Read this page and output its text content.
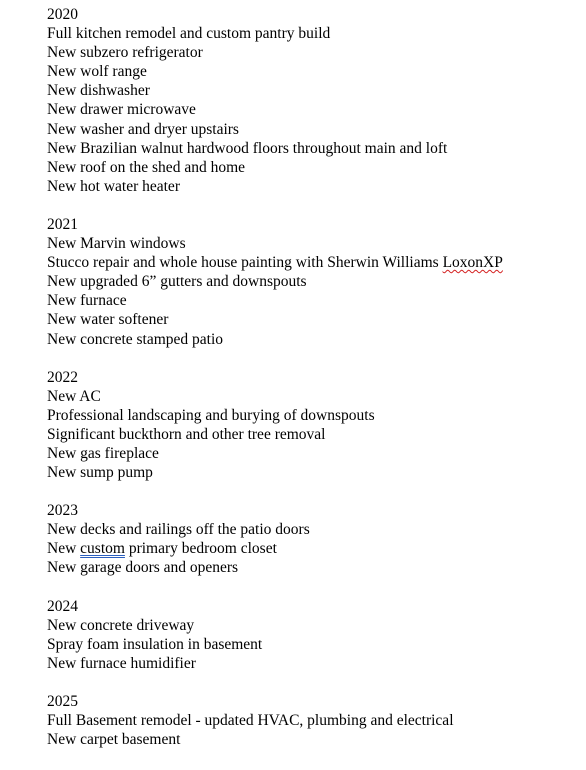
2020
Full kitchen remodel and custom pantry build
New subzero refrigerator
New wolf range
New dishwasher
New drawer microwave
New washer and dryer upstairs
New Brazilian walnut hardwood floors throughout main and loft
New roof on the shed and home
New hot water heater
2021
New Marvin windows
Stucco repair and whole house painting with Sherwin Williams LoxonXP
New upgraded 6” gutters and downspouts
New furnace
New water softener
New concrete stamped patio
2022
New AC
Professional landscaping and burying of downspouts
Significant buckthorn and other tree removal
New gas fireplace
New sump pump
2023
New decks and railings off the patio doors
New custom primary bedroom closet
New garage doors and openers
2024
New concrete driveway
Spray foam insulation in basement
New furnace humidifier
2025
Full Basement remodel - updated HVAC, plumbing and electrical
New carpet basement
